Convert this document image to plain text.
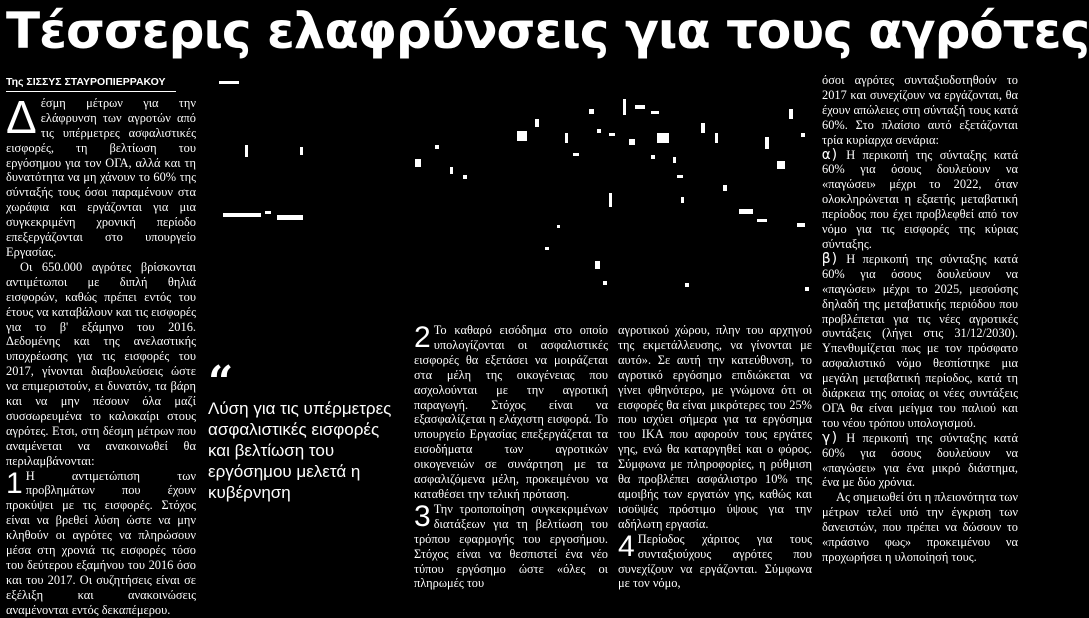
Τέσσερις ελαφρύνσεις για τους αγρότες
Της ΣΙΣΣΥΣ ΣΤΑΥΡΟΠΙΕΡΡΑΚΟΥ

Δέσμη μέτρων για την ελάφρυνση των αγροτών από τις υπέρμετρες ασφαλιστικές εισφορές, τη βελτίωση του εργόσημου για τον ΟΓΑ, αλλά και τη δυνατότητα να μη χάνουν το 60% της σύνταξής τους όσοι παραμένουν στα χωράφια και εργάζονται για μια συγκεκριμένη χρονική περίοδο επεξεργάζονται στο υπουργείο Εργασίας.

Οι 650.000 αγρότες βρίσκονται αντιμέτωποι με διπλή θηλιά εισφορών, καθώς πρέπει εντός του έτους να καταβάλουν και τις εισφορές για το β' εξάμηνο του 2016. Δεδομένης και της ανελαστικής υποχρέωσης για τις εισφορές του 2017, γίνονται διαβουλεύσεις ώστε να επιμεριστούν, ει δυνατόν, τα βάρη και να μην πέσουν όλα μαζί συσσωρευμένα το καλοκαίρι στους αγρότες. Ετσι, στη δέσμη μέτρων που αναμένεται να ανακοινωθεί θα περιλαμβάνονται:

1 Η αντιμετώπιση των προβλημάτων που έχουν προκύψει με τις εισφορές. Στόχος είναι να βρεθεί λύση ώστε να μην κληθούν οι αγρότες να πληρώσουν μέσα στη χρονιά τις εισφορές τόσο του δεύτερου εξαμήνου του 2016 όσο και του 2017. Οι συζητήσεις είναι σε εξέλιξη και ανακοινώσεις αναμένονται εντός δεκαπέμερου.

“
Λύση για τις υπέρμετρες ασφαλιστικές εισφορές και βελτίωση του εργόσημου μελετά η κυβέρνηση

2 Το καθαρό εισόδημα στο οποίο υπολογίζονται οι ασφαλιστικές εισφορές θα εξετάσει να μοιράζεται στα μέλη της οικογένειας που ασχολούνται με την αγροτική παραγωγή. Στόχος είναι να εξασφαλίζεται η ελάχιστη εισφορά. Το υπουργείο Εργασίας επεξεργάζεται τα εισοδήματα των αγροτικών οικογενειών σε συνάρτηση με τα ασφαλιζόμενα μέλη, προκειμένου να καταθέσει την τελική πρόταση.

3 Την τροποποίηση συγκεκριμένων διατάξεων για τη βελτίωση του τρόπου εφαρμογής του εργοσήμου. Στόχος είναι να θεσπιστεί ένα νέο τύπου εργόσημο ώστε «όλες οι πληρωμές του

αγροτικού χώρου, πλην του αρχηγού της εκμετάλλευσης, να γίνονται με αυτό». Σε αυτή την κατεύθυνση, το αγροτικό εργόσημο επιδιώκεται να γίνει φθηνότερο, με γνώμονα ότι οι εισφορές θα είναι μικρότερες του 25% που ισχύει σήμερα για τα εργόσημα του ΙΚΑ που αφορούν τους εργάτες γης, ενώ θα καταργηθεί και ο φόρος. Σύμφωνα με πληροφορίες, η ρύθμιση θα προβλέπει ασφάλιστρο 10% της αμοιβής των εργατών γης, καθώς και ισοϋψές πρόστιμο ύψους για την αδήλωτη εργασία.

4 Περίοδος χάριτος για τους συνταξιούχους αγρότες που συνεχίζουν να εργάζονται. Σύμφωνα με τον νόμο,

όσοι αγρότες συνταξιοδοτηθούν το 2017 και συνεχίζουν να εργάζονται, θα έχουν απώλειες στη σύνταξή τους κατά 60%. Στο πλαίσιο αυτό εξετάζονται τρία κυρίαρχα σενάρια:

α) Η περικοπή της σύνταξης κατά 60% για όσους δουλεύουν να «παγώσει» μέχρι το 2022, όταν ολοκληρώνεται η εξαετής μεταβατική περίοδος που έχει προβλεφθεί από τον νόμο για τις εισφορές της κύριας σύνταξης.

β) Η περικοπή της σύνταξης κατά 60% για όσους δουλεύουν να «παγώσει» μέχρι το 2025, μεσούσης δηλαδή της μεταβατικής περιόδου που προβλέπεται για τις νέες αγροτικές συντάξεις (λήγει στις 31/12/2030). Υπενθυμίζεται πως με τον πρόσφατο ασφαλιστικό νόμο θεσπίστηκε μια μεγάλη μεταβατική περίοδος, κατά τη διάρκεια της οποίας οι νέες συντάξεις ΟΓΑ θα είναι μείγμα του παλιού και του νέου τρόπου υπολογισμού.

γ) Η περικοπή της σύνταξης κατά 60% για όσους δουλεύουν να «παγώσει» για ένα μικρό διάστημα, ένα με δύο χρόνια.

Ας σημειωθεί ότι η πλειονότητα των μέτρων τελεί υπό την έγκριση των δανειστών, που πρέπει να δώσουν το «πράσινο φως» προκειμένου να προχωρήσει η υλοποίησή τους.
